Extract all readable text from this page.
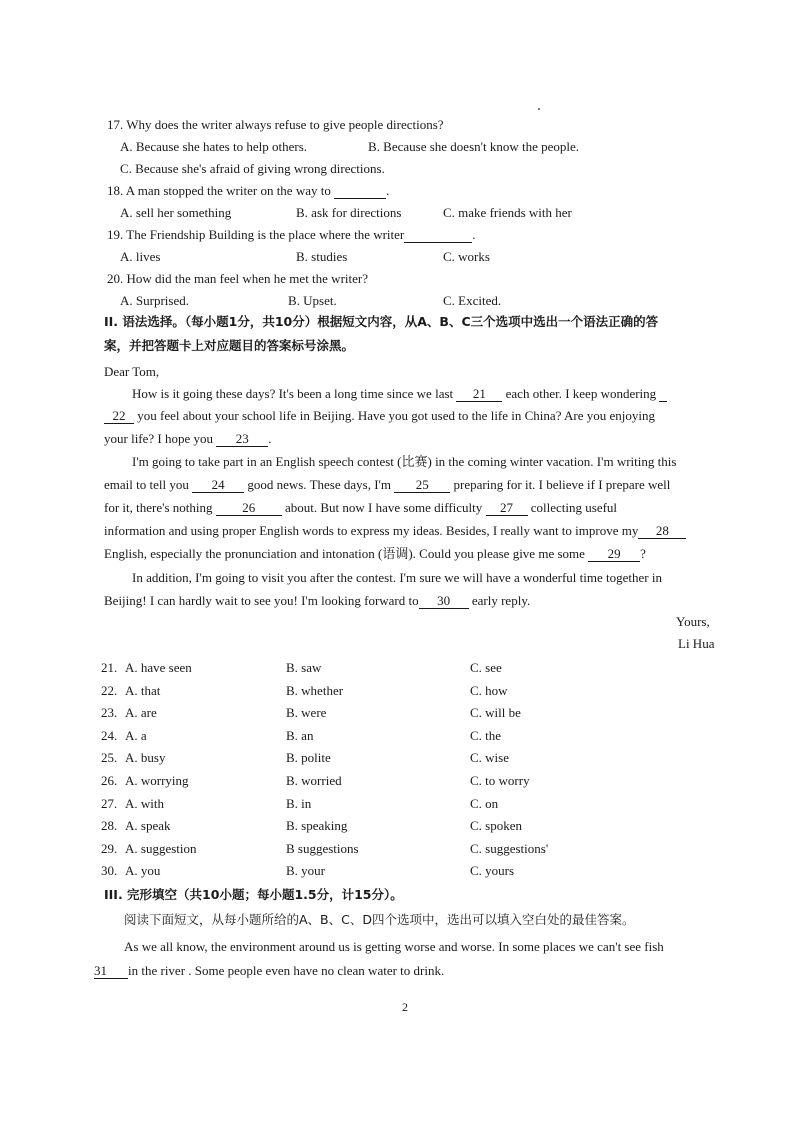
17. Why does the writer always refuse to give people directions?
A. Because she hates to help others.	B. Because she doesn't know the people.
C. Because she's afraid of giving wrong directions.
18. A man stopped the writer on the way to	.
A. sell her something	B. ask for directions	C. make friends with her
19. The Friendship Building is the place where the writer	.
A. lives	B. studies	C. works
20. How did the man feel when he met the writer?
A. Surprised.	B. Upset.	C. Excited.
II. 语法选择。（每小题1分，共10分）根据短文内容，从A、B、C三个选项中选出一个语法正确的答
案，并把答题卡上对应题目的答案标号涂黑。
Dear Tom,
How is it going these days? It's been a long time since we last 21 each other. I keep wondering
22 you feel about your school life in Beijing. Have you got used to the life in China? Are you enjoying
your life? I hope you 23 .
I'm going to take part in an English speech contest (比赛) in the coming winter vacation. I'm writing this
email to tell you 24 good news. These days, I'm 25 preparing for it. I believe if I prepare well
for it, there's nothing 26 about. But now I have some difficulty 27 collecting useful
information and using proper English words to express my ideas. Besides, I really want to improve my 28
English, especially the pronunciation and intonation (语调). Could you please give me some 29 ?
In addition, I'm going to visit you after the contest. I'm sure we will have a wonderful time together in
Beijing! I can hardly wait to see you! I'm looking forward to 30 early reply.
Yours,
Li Hua
21. A. have seen	B. saw	C. see
22. A. that	B. whether	C. how
23. A. are	B. were	C. will be
24. A. a	B. an	C. the
25. A. busy	B. polite	C. wise
26. A. worrying	B. worried	C. to worry
27. A. with	B. in	C. on
28. A. speak	B. speaking	C. spoken
29. A. suggestion	B suggestions	C. suggestions'
30. A. you	B. your	C. yours
III. 完形填空（共10小题；每小题1.5分，计15分）。
阅读下面短文，从每小题所给的A、B、C、D四个选项中，选出可以填入空白处的最佳答案。
As we all know, the environment around us is getting worse and worse. In some places we can't see fish
31 in the river . Some people even have no clean water to drink.
2
